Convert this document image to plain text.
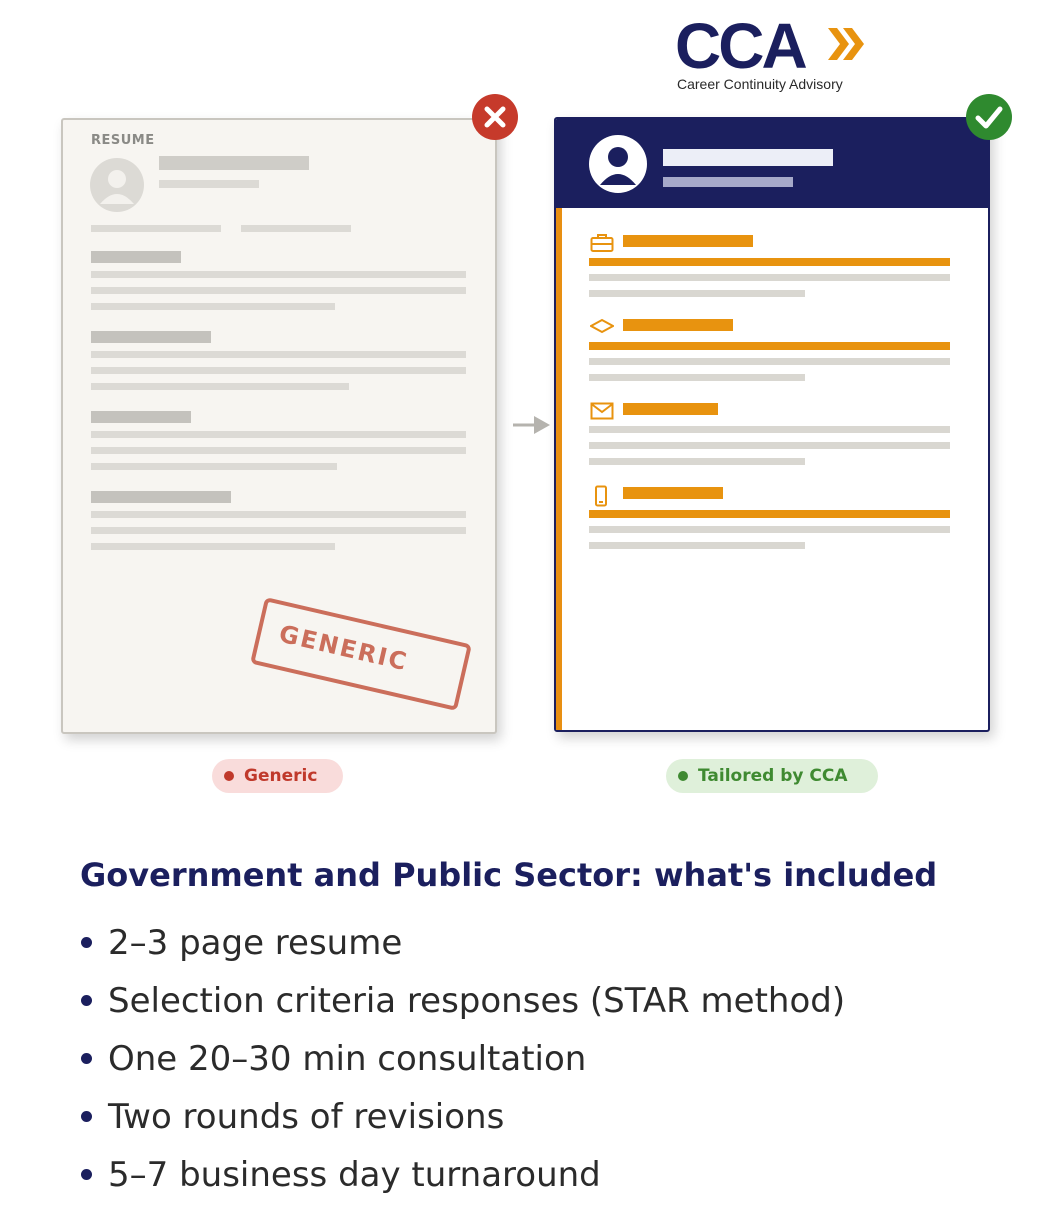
CCA
Career Continuity Advisory
RESUME
GENERIC
Generic	Tailored by CCA
Government and Public Sector: what's included
2–3 page resume
Selection criteria responses (STAR method)
One 20–30 min consultation
Two rounds of revisions
5–7 business day turnaround
